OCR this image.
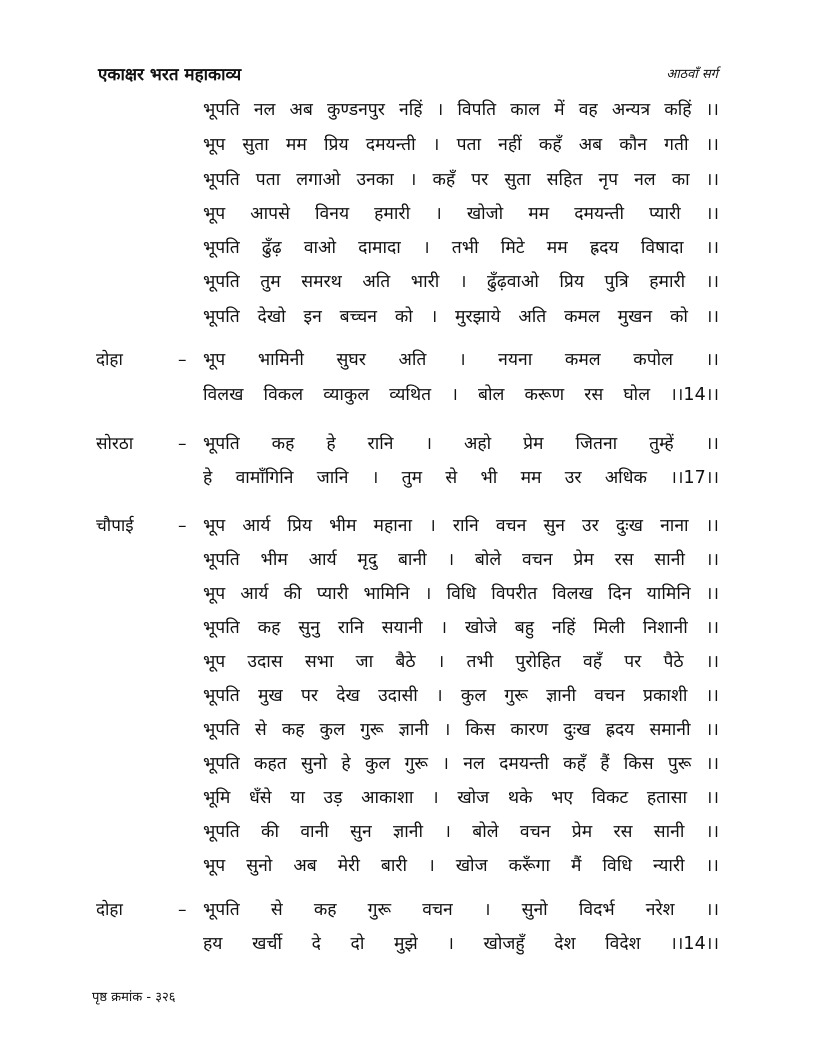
एकाक्षर भरत महाकाव्य	आठवाँ सर्ग
भूपति नल अब कुण्डनपुर नहिं । विपति काल में वह अन्यत्र कहिं ।।
भूप सुता मम प्रिय दमयन्ती । पता नहीं कहँ अब कौन गती ।।
भूपति पता लगाओ उनका । कहँ पर सुता सहित नृप नल का ।।
भूप आपसे विनय हमारी । खोजो मम दमयन्ती प्यारी ।।
भूपति ढुँढ़ वाओ दामादा । तभी मिटे मम ह्रदय विषादा ।।
भूपति तुम समरथ अति भारी । ढुँढ़वाओ प्रिय पुत्रि हमारी ।।
भूपति देखो इन बच्चन को । मुरझाये अति कमल मुखन को ।।
दोहा	– भूप भामिनी सुघर अति । नयना कमल कपोल ।।
विलख विकल व्याकुल व्यथित । बोल करूण रस घोल ।।14।।
सोरठा	– भूपति कह हे रानि । अहो प्रेम जितना तुम्हें ।।
हे वामाँगिनि जानि । तुम से भी मम उर अधिक ।।17।।
चौपाई	– भूप आर्य प्रिय भीम महाना । रानि वचन सुन उर दुःख नाना ।।
भूपति भीम आर्य मृदु बानी । बोले वचन प्रेम रस सानी ।।
भूप आर्य की प्यारी भामिनि । विधि विपरीत विलख दिन यामिनि ।।
भूपति कह सुनु रानि सयानी । खोजे बहु नहिं मिली निशानी ।।
भूप उदास सभा जा बैठे । तभी पुरोहित वहँ पर पैठे ।।
भूपति मुख पर देख उदासी । कुल गुरू ज्ञानी वचन प्रकाशी ।।
भूपति से कह कुल गुरू ज्ञानी । किस कारण दुःख ह्रदय समानी ।।
भूपति कहत सुनो हे कुल गुरू । नल दमयन्ती कहँ हैं किस पुरू ।।
भूमि धँसे या उड़ आकाशा । खोज थके भए विकट हतासा ।।
भूपति की वानी सुन ज्ञानी । बोले वचन प्रेम रस सानी ।।
भूप सुनो अब मेरी बारी । खोज करूँगा मैं विधि न्यारी ।।
दोहा	– भूपति से कह गुरू वचन । सुनो विदर्भ नरेश ।।
हय खर्ची दे दो मुझे । खोजहुँ देश विदेश ।।14।।
पृष्ठ क्रमांक - ३२६
